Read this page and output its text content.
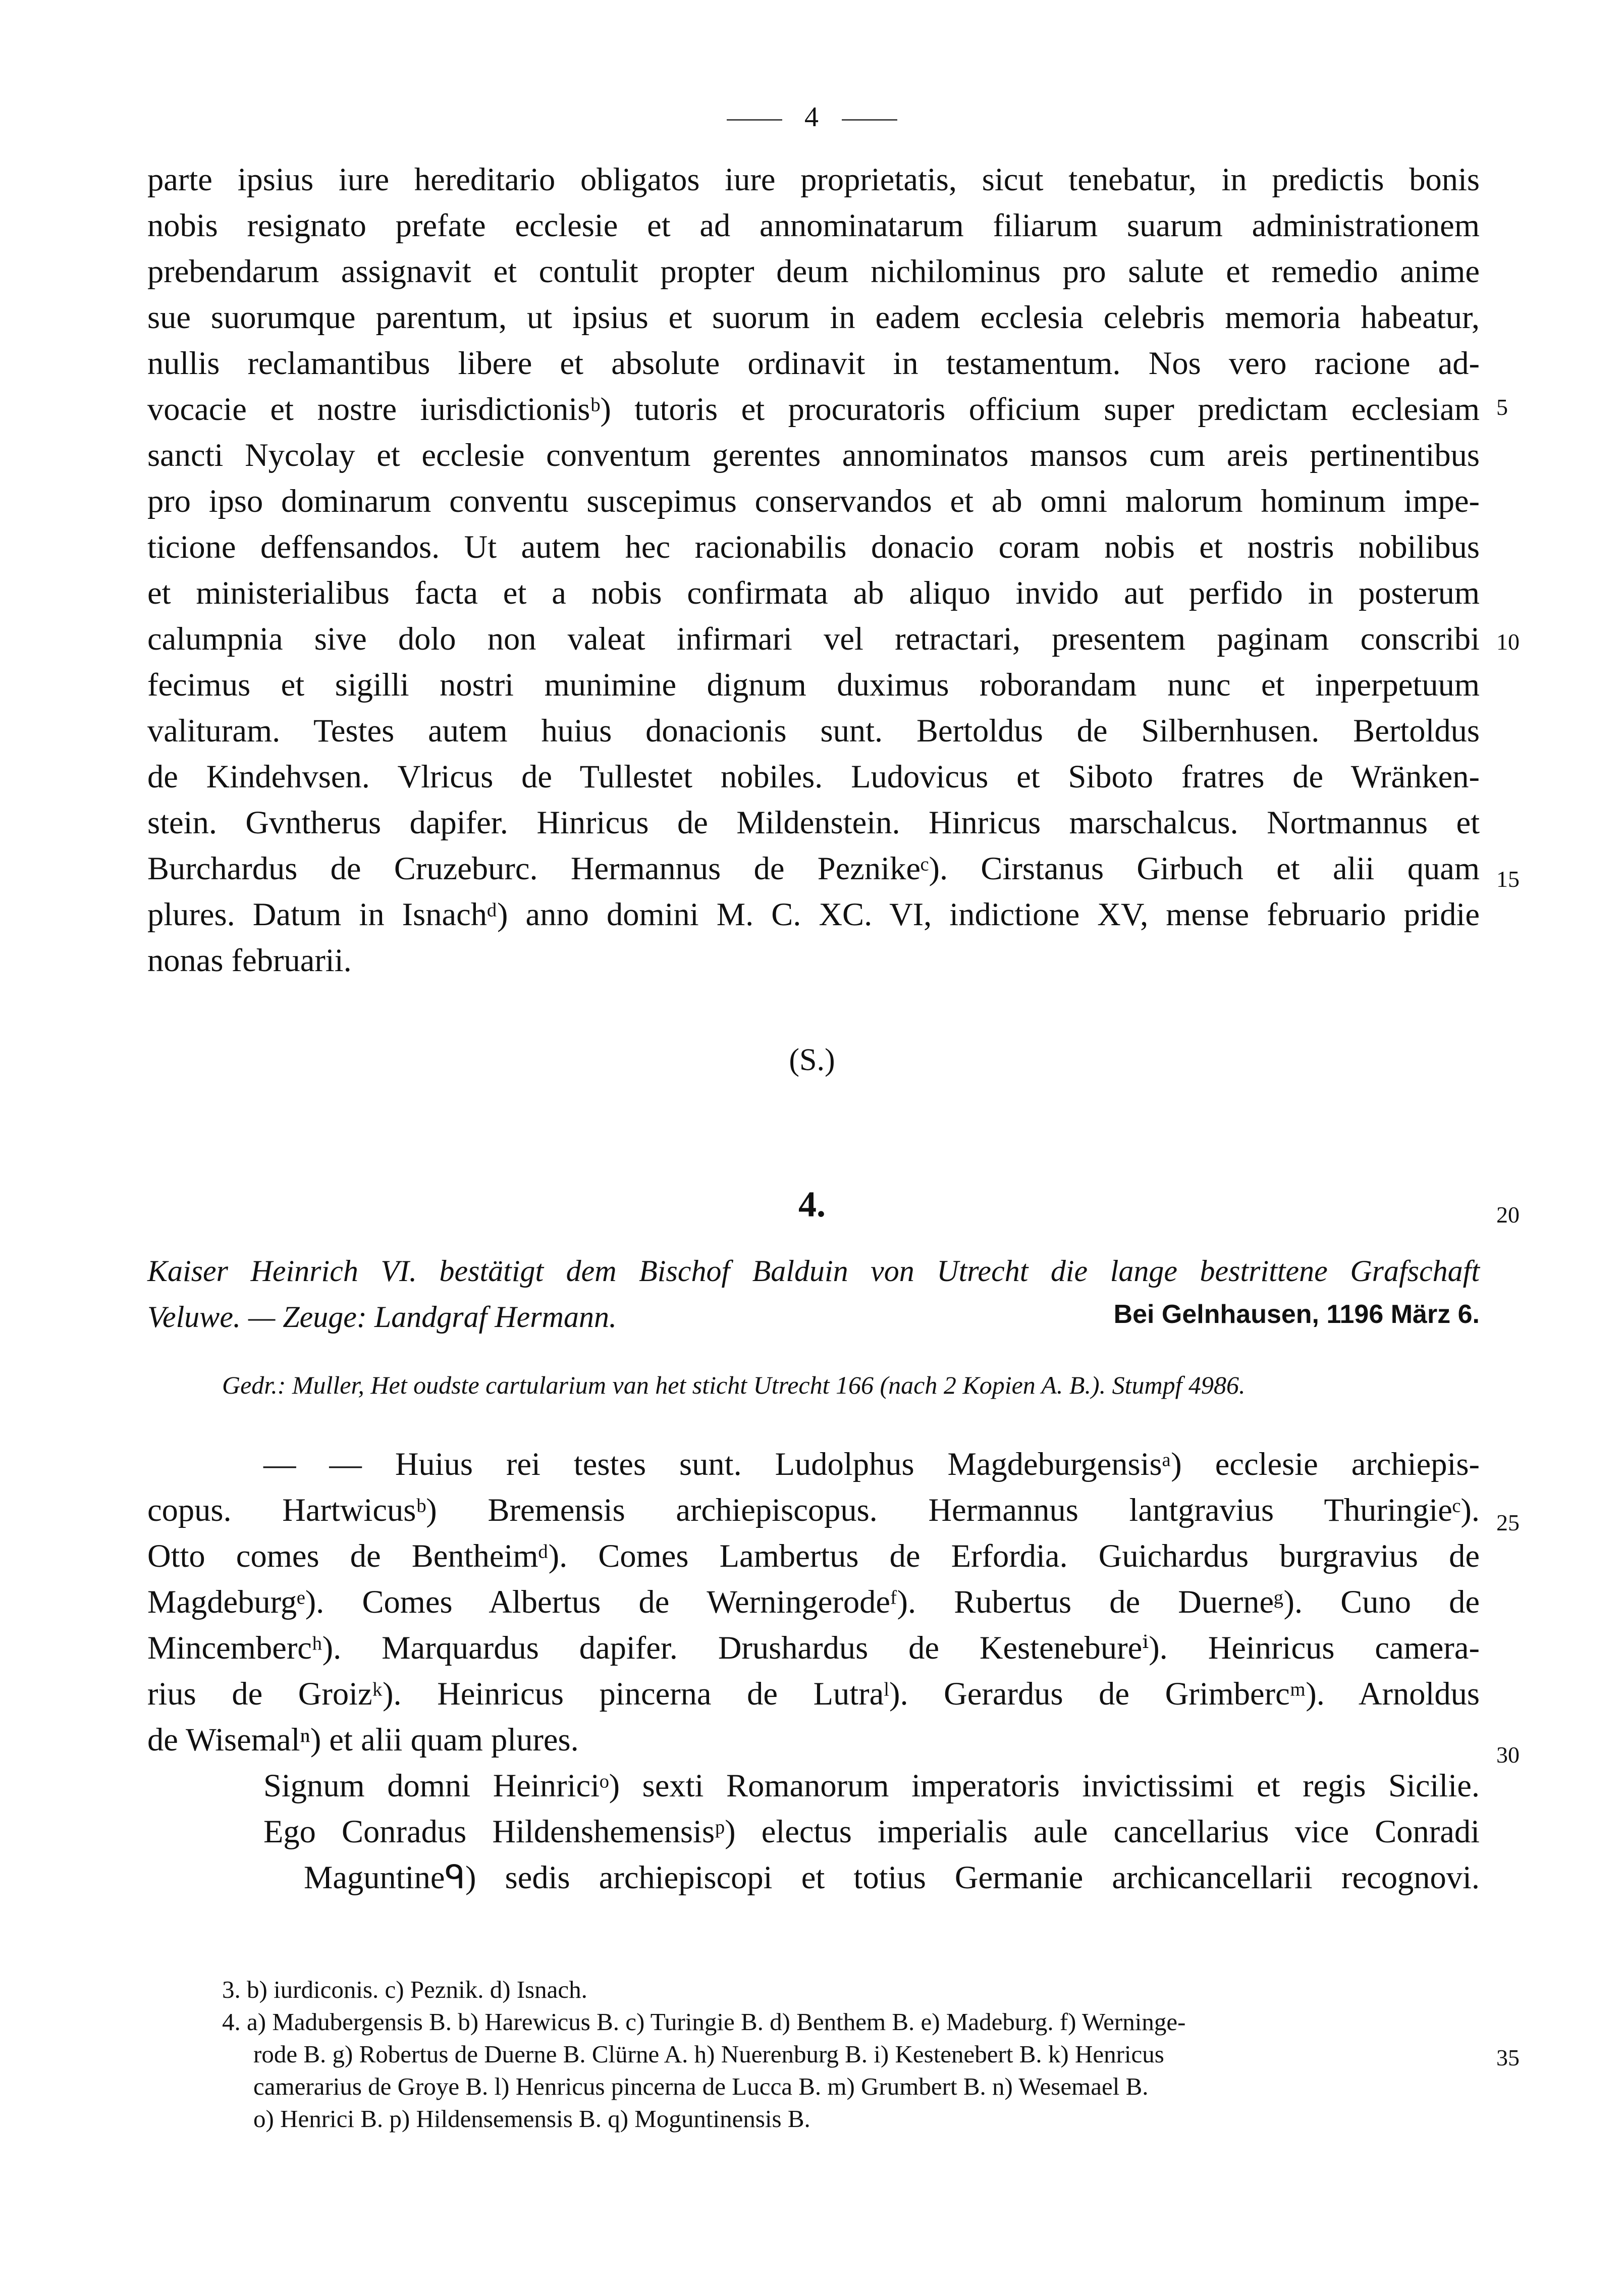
4
parte ipsius iure hereditario obligatos iure proprietatis, sicut tenebatur, in predictis bonis
nobis resignato prefate ecclesie et ad annominatarum filiarum suarum administrationem
prebendarum assignavit et contulit propter deum nichilominus pro salute et remedio anime
sue suorumque parentum, ut ipsius et suorum in eadem ecclesia celebris memoria habeatur,
nullis reclamantibus libere et absolute ordinavit in testamentum. Nos vero racione ad-
vocacie et nostre iurisdictionisᵇ) tutoris et procuratoris officium super predictam ecclesiam
sancti Nycolay et ecclesie conventum gerentes annominatos mansos cum areis pertinentibus
pro ipso dominarum conventu suscepimus conservandos et ab omni malorum hominum impe-
ticione deffensandos. Ut autem hec racionabilis donacio coram nobis et nostris nobilibus
et ministerialibus facta et a nobis confirmata ab aliquo invido aut perfido in posterum
calumpnia sive dolo non valeat infirmari vel retractari, presentem paginam conscribi
fecimus et sigilli nostri munimine dignum duximus roborandam nunc et inperpetuum
valituram. Testes autem huius donacionis sunt. Bertoldus de Silbernhusen. Bertoldus
de Kindehvsen. Vlricus de Tullestet nobiles. Ludovicus et Siboto fratres de Wränken-
stein. Gvntherus dapifer. Hinricus de Mildenstein. Hinricus marschalcus. Nortmannus et
Burchardus de Cruzeburc. Hermannus de Peznikeᶜ). Cirstanus Girbuch et alii quam
plures. Datum in Isnachᵈ) anno domini M. C. XC. VI, indictione XV, mense februario pridie
nonas februarii.
5
10
15
(S.)
4.	20
Kaiser Heinrich VI. bestätigt dem Bischof Balduin von Utrecht die lange bestrittene Grafschaft
Veluwe. — Zeuge: Landgraf Hermann.	Bei Gelnhausen, 1196 März 6.
Gedr.: Muller, Het oudste cartularium van het sticht Utrecht 166 (nach 2 Kopien A. B.). Stumpf 4986.
— — Huius rei testes sunt. Ludolphus Magdeburgensisᵃ) ecclesie archiepis-
copus. Hartwicusᵇ) Bremensis archiepiscopus. Hermannus lantgravius Thuringieᶜ).
Otto comes de Bentheimᵈ). Comes Lambertus de Erfordia. Guichardus burgravius de
Magdeburgᵉ). Comes Albertus de Werningerodeᶠ). Rubertus de Duerneᵍ). Cuno de
Mincembercʰ). Marquardus dapifer. Drushardus de Kestenebureⁱ). Heinricus camera-
rius de Groizᵏ). Heinricus pincerna de Lutraˡ). Gerardus de Grimbercᵐ). Arnoldus
de Wisemalⁿ) et alii quam plures.
Signum domni Heinriciᵒ) sexti Romanorum imperatoris invictissimi et regis Sicilie.
Ego Conradus Hildenshemensisᵖ) electus imperialis aule cancellarius vice Conradi
Maguntineᑫ) sedis archiepiscopi et totius Germanie archicancellarii recognovi.
25
30
35
3. b) iurdiconis. c) Peznik. d) Isnach.
4. a) Madubergensis B. b) Harewicus B. c) Turingie B. d) Benthem B. e) Madeburg. f) Werninge-
rode B. g) Robertus de Duerne B. Clürne A. h) Nuerenburg B. i) Kestenebert B. k) Henricus
camerarius de Groye B. l) Henricus pincerna de Lucca B. m) Grumbert B. n) Wesemael B.
o) Henrici B. p) Hildensemensis B. q) Moguntinensis B.
